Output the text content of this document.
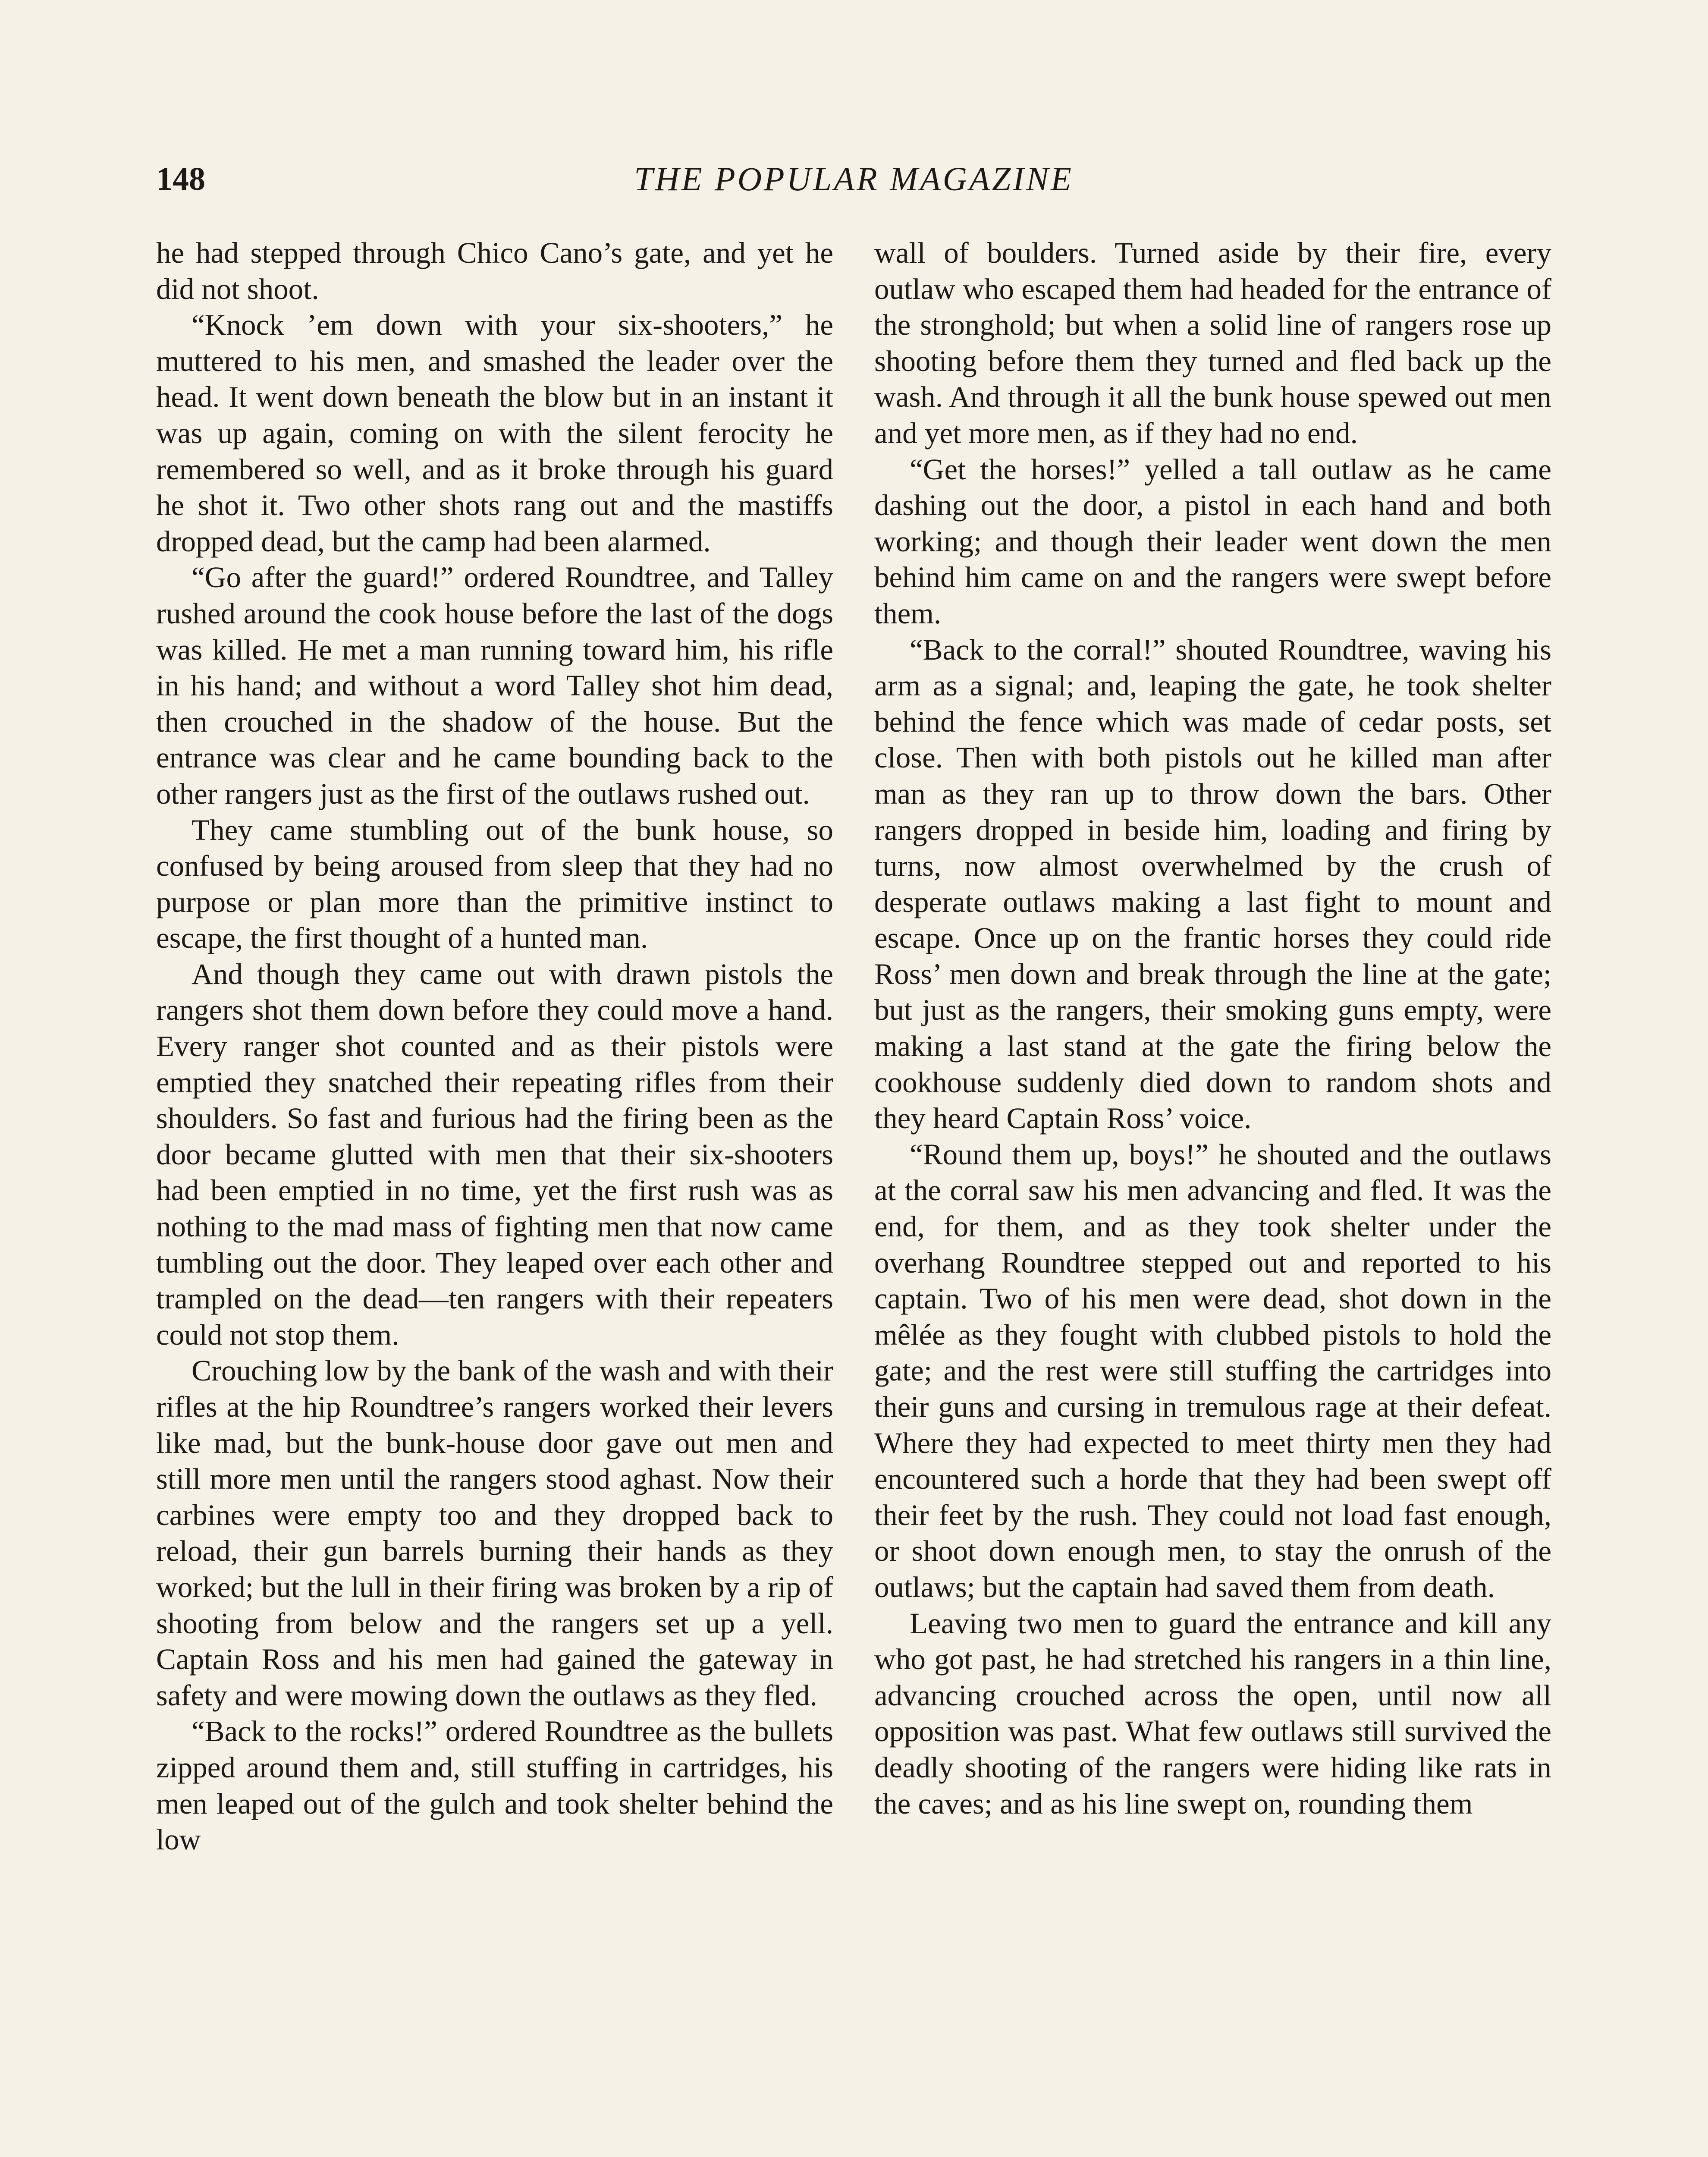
148	THE POPULAR MAGAZINE

he had stepped through Chico Cano’s gate, and yet he did not shoot.

“Knock ’em down with your six-shooters,” he muttered to his men, and smashed the leader over the head. It went down beneath the blow but in an instant it was up again, coming on with the silent ferocity he remembered so well, and as it broke through his guard he shot it. Two other shots rang out and the mastiffs dropped dead, but the camp had been alarmed.

“Go after the guard!” ordered Roundtree, and Talley rushed around the cook house before the last of the dogs was killed. He met a man running toward him, his rifle in his hand; and without a word Talley shot him dead, then crouched in the shadow of the house. But the entrance was clear and he came bounding back to the other rangers just as the first of the outlaws rushed out.

They came stumbling out of the bunk house, so confused by being aroused from sleep that they had no purpose or plan more than the primitive instinct to escape, the first thought of a hunted man.

And though they came out with drawn pistols the rangers shot them down before they could move a hand. Every ranger shot counted and as their pistols were emptied they snatched their repeating rifles from their shoulders. So fast and furious had the firing been as the door became glutted with men that their six-shooters had been emptied in no time, yet the first rush was as nothing to the mad mass of fighting men that now came tumbling out the door. They leaped over each other and trampled on the dead—ten rangers with their repeaters could not stop them.

Crouching low by the bank of the wash and with their rifles at the hip Roundtree’s rangers worked their levers like mad, but the bunk-house door gave out men and still more men until the rangers stood aghast. Now their carbines were empty too and they dropped back to reload, their gun barrels burning their hands as they worked; but the lull in their firing was broken by a rip of shooting from below and the rangers set up a yell. Captain Ross and his men had gained the gateway in safety and were mowing down the outlaws as they fled.

“Back to the rocks!” ordered Roundtree as the bullets zipped around them and, still stuffing in cartridges, his men leaped out of the gulch and took shelter behind the low

wall of boulders. Turned aside by their fire, every outlaw who escaped them had headed for the entrance of the stronghold; but when a solid line of rangers rose up shooting before them they turned and fled back up the wash. And through it all the bunk house spewed out men and yet more men, as if they had no end.

“Get the horses!” yelled a tall outlaw as he came dashing out the door, a pistol in each hand and both working; and though their leader went down the men behind him came on and the rangers were swept before them.

“Back to the corral!” shouted Roundtree, waving his arm as a signal; and, leaping the gate, he took shelter behind the fence which was made of cedar posts, set close. Then with both pistols out he killed man after man as they ran up to throw down the bars. Other rangers dropped in beside him, loading and firing by turns, now almost overwhelmed by the crush of desperate outlaws making a last fight to mount and escape. Once up on the frantic horses they could ride Ross’ men down and break through the line at the gate; but just as the rangers, their smoking guns empty, were making a last stand at the gate the firing below the cookhouse suddenly died down to random shots and they heard Captain Ross’ voice.

“Round them up, boys!” he shouted and the outlaws at the corral saw his men advancing and fled. It was the end, for them, and as they took shelter under the overhang Roundtree stepped out and reported to his captain. Two of his men were dead, shot down in the mêlée as they fought with clubbed pistols to hold the gate; and the rest were still stuffing the cartridges into their guns and cursing in tremulous rage at their defeat. Where they had expected to meet thirty men they had encountered such a horde that they had been swept off their feet by the rush. They could not load fast enough, or shoot down enough men, to stay the onrush of the outlaws; but the captain had saved them from death.

Leaving two men to guard the entrance and kill any who got past, he had stretched his rangers in a thin line, advancing crouched across the open, until now all opposition was past. What few outlaws still survived the deadly shooting of the rangers were hiding like rats in the caves; and as his line swept on, rounding them
